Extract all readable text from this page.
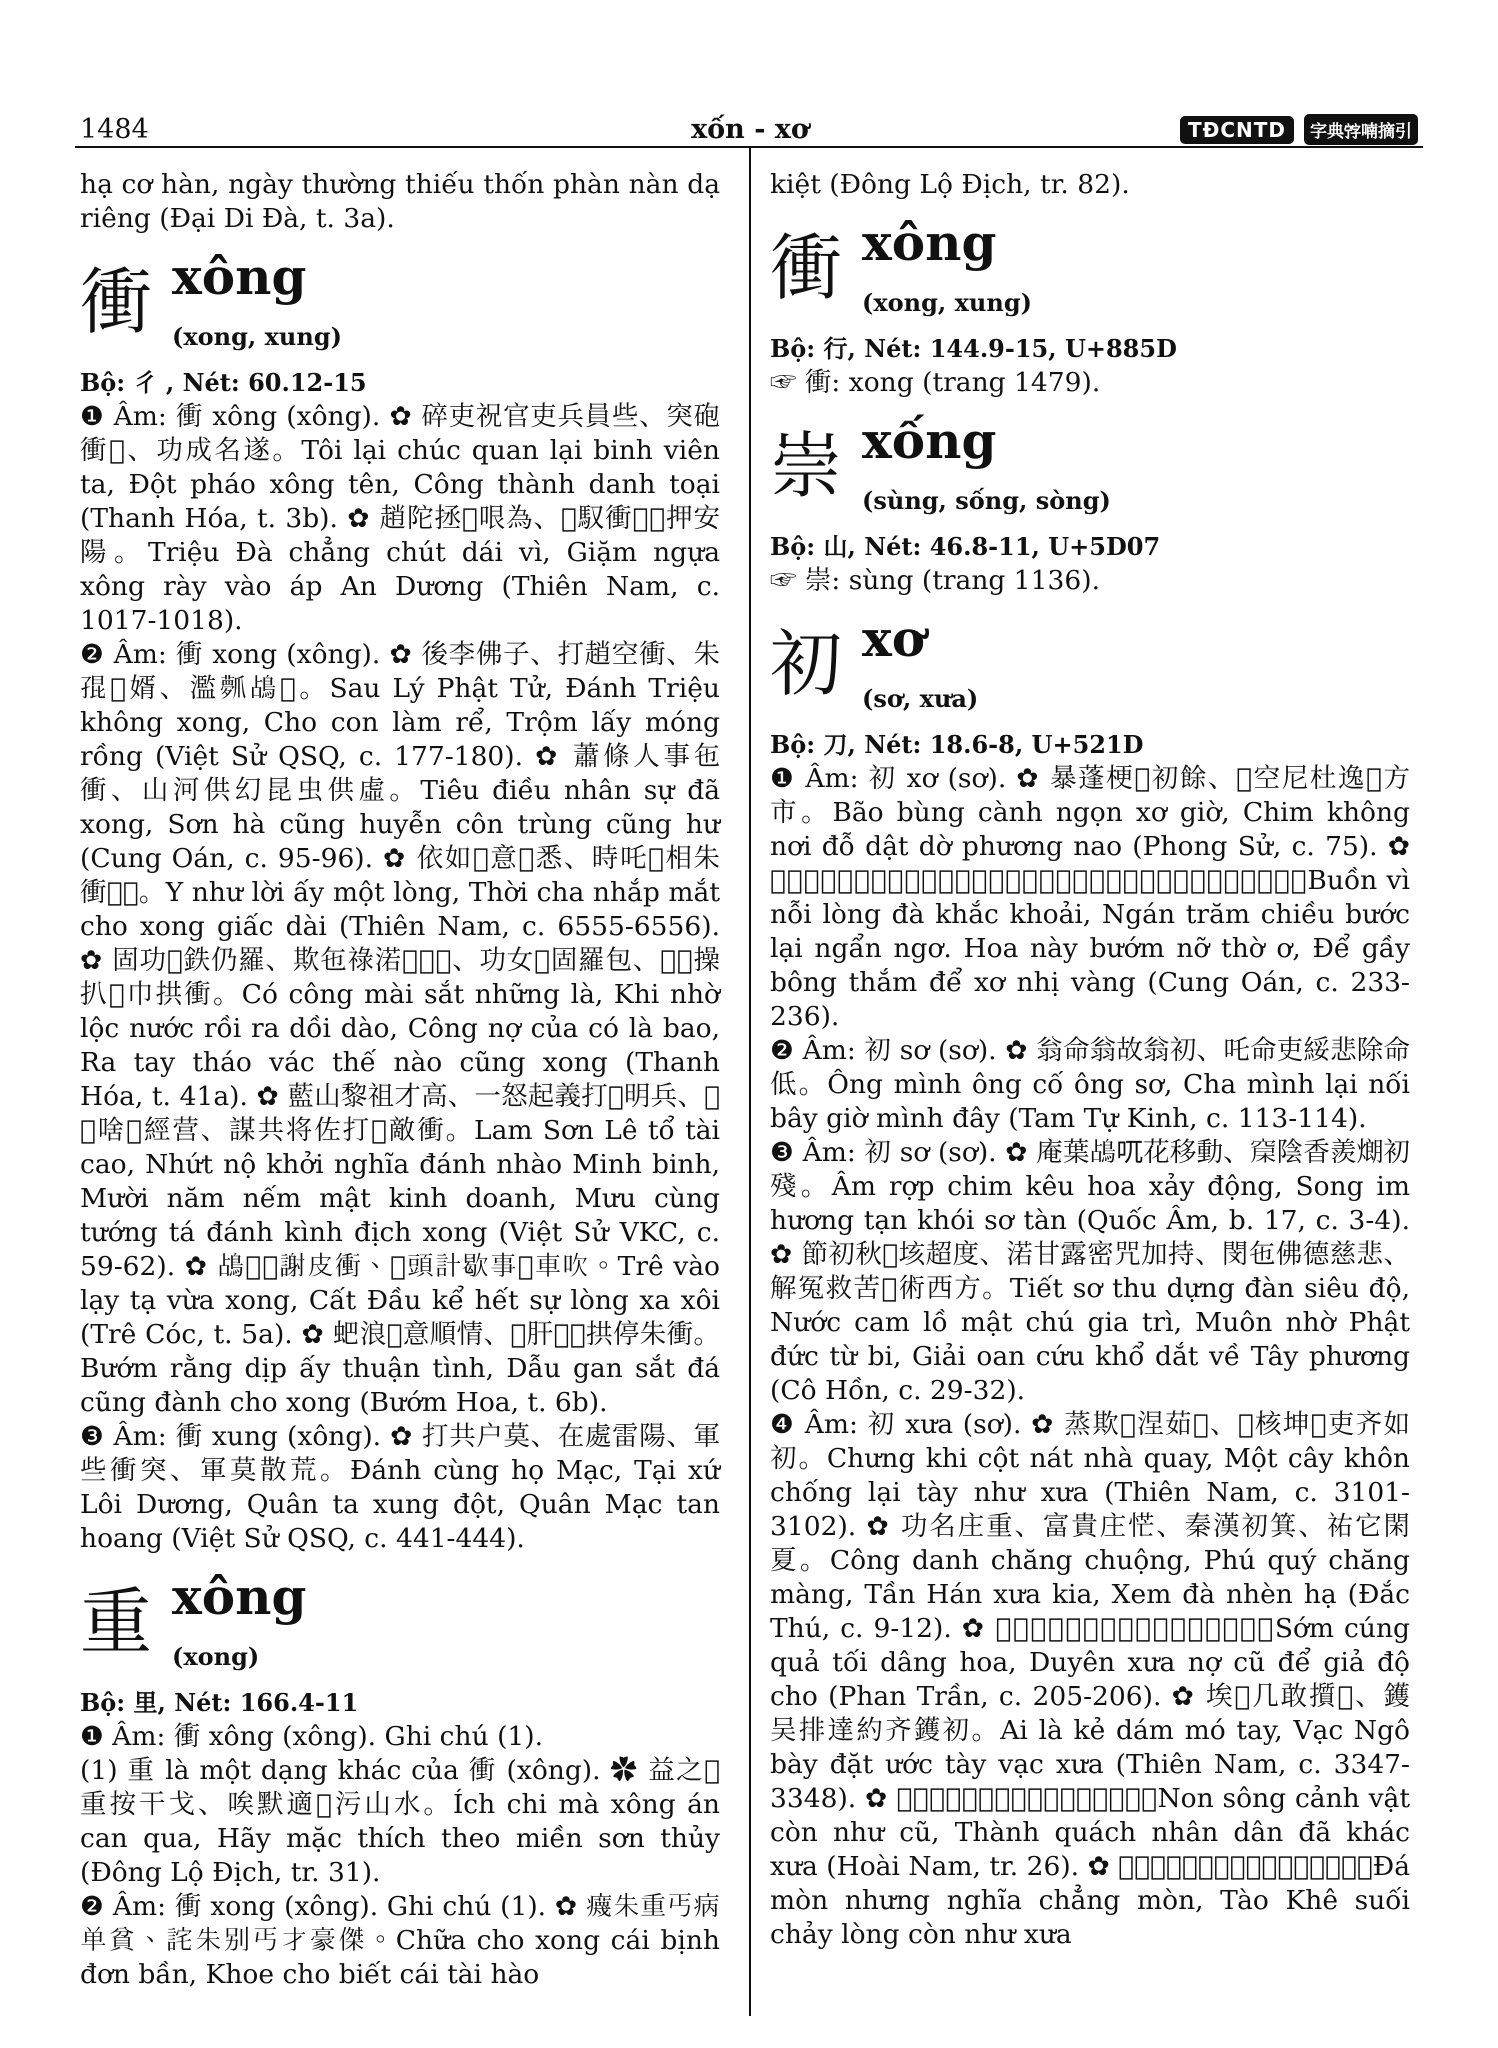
1484	xốn - xơ	TĐCNTD	字典𡨸喃摘引

hạ cơ hàn, ngày thường thiếu thốn phàn nàn dạ riêng (Đại Di Đà, t. 3a).

衝 xông
(xong, xung)

Bộ: 彳 , Nét: 60.12-15

❶ Âm: 衝 xông (xông). ✿ 碎吏祝官吏兵員些、突砲衝𥪞、功成名遂。Tôi lại chúc quan lại binh viên ta, Đột pháo xông tên, Công thành danh toại (Thanh Hóa, t. 3b). ✿ 趙陀拯𢜠哏為、𨄹馭衝𠖤𩛂押安陽。Triệu Đà chẳng chút dái vì, Giặm ngựa xông rày vào áp An Dương (Thiên Nam, c. 1017-1018).

❷ Âm: 衝 xong (xông). ✿ 後李佛子、打趙空衝、朱𡥵𡖼婿、濫𤔻𪀄𪂳。Sau Lý Phật Tử, Đánh Triệu không xong, Cho con làm rể, Trộm lấy móng rồng (Việt Sử QSQ, c. 177-180). ✿ 蕭條人事㐌衝、山河供幻昆虫供虛。Tiêu điều nhân sự đã xong, Sơn hà cũng huyễn côn trùng cũng hư (Cung Oán, c. 95-96). ✿ 依如𠳒意𠬠悉、時吒𠶋相朱衝𥄮𢖵。Y như lời ấy một lòng, Thời cha nhắp mắt cho xong giấc dài (Thiên Nam, c. 6555-6556). ✿ 固功𥕄鉄仍羅、欺㐌祿渃𡓇𤁘𣳔、功女𧵑固羅包、𠎣𢭲操扒𢬣巾拱衝。Có công mài sắt những là, Khi nhờ lộc nước rồi ra dồi dào, Công nợ của có là bao, Ra tay tháo vác thế nào cũng xong (Thanh Hóa, t. 41a). ✿ 藍山黎祖才高、一怒起義打𩈘明兵、𠽖𢆥啥𦢳經营、謀共将佐打𠞹敵衝。Lam Sơn Lê tổ tài cao, Nhứt nộ khởi nghĩa đánh nhào Minh binh, Mười năm nếm mật kinh doanh, Mưu cùng tướng tá đánh kình địch xong (Việt Sử VKC, c. 59-62). ✿ 𪀄𠊚𢪀謝皮衝、𢭲頭計歇事𢚸車吹。Trê vào lạy tạ vừa xong, Cất Đầu kể hết sự lòng xa xôi (Trê Cóc, t. 5a). ✿ 蚆浪𡀳意順情、𥘶肝𠍦𥒥拱停朱衝。Bướm rằng dịp ấy thuận tình, Dẫu gan sắt đá cũng đành cho xong (Bướm Hoa, t. 6b).

❸ Âm: 衝 xung (xông). ✿ 打共户莫、在處雷陽、軍些衝突、軍莫散荒。Đánh cùng họ Mạc, Tại xứ Lôi Dương, Quân ta xung đột, Quân Mạc tan hoang (Việt Sử QSQ, c. 441-444).

重 xông
(xong)

Bộ: 里, Nét: 166.4-11

❶ Âm: 衝 xông (xông). Ghi chú (1).

(1) 重 là một dạng khác của 衝 (xông). ✿ 益之𦋦重按干戈、唉默適𨅸污山水。Ích chi mà xông án can qua, Hãy mặc thích theo miền sơn thủy (Đông Lộ Địch, tr. 31).

❷ Âm: 衝 xong (xông). Ghi chú (1). ✿ 𤻻朱重丐病单貧、詫朱别丐才豪傑。Chữa cho xong cái bịnh đơn bần, Khoe cho biết cái tài hào

kiệt (Đông Lộ Địch, tr. 82).

衝 xông
(xong, xung)

Bộ: 行, Nét: 144.9-15, U+885D

☞ 衝: xong (trang 1479).

崇 xống
(sùng, sống, sòng)

Bộ: 山, Nét: 46.8-11, U+5D07

☞ 崇: sùng (trang 1136).

初 xơ
(sơ, xưa)

Bộ: 刀, Nét: 18.6-8, U+521D

❶ Âm: 初 xơ (sơ). ✿ 暴蓬梗𦹵初餘、𪀄空尼杜逸𣹓方市。Bão bùng cành ngọn xơ giờ, Chim không nơi đỗ dật dờ phương nao (Phong Sử, c. 75). ✿ 𢜠為𣵰𢚸它克快、𠳨𡗶朝跐吏謹魚。花尼蚆怒𦻩於、底𤵺𦬑𣘊底初𥪝鐄。Buồn vì nỗi lòng đà khắc khoải, Ngán trăm chiều bước lại ngẩn ngơ. Hoa này bướm nỡ thờ ơ, Để gầy bông thắm để xơ nhị vàng (Cung Oán, c. 233-236).

❷ Âm: 初 sơ (sơ). ✿ 翁命翁故翁初、吒命吏綏悲除命低。Ông mình ông cố ông sơ, Cha mình lại nối bây giờ mình đây (Tam Tự Kinh, c. 113-114).

❸ Âm: 初 sơ (sơ). ✿ 庵葉𪀄𠮾花移動、𥦃陰香羨𤎜初殘。Âm rợp chim kêu hoa xảy động, Song im hương tạn khói sơ tàn (Quốc Âm, b. 17, c. 3-4). ✿ 節初秋𨔍垓超度、渃甘露密咒加持、閔㐌佛德慈悲、解冤救苦𢪀術西方。Tiết sơ thu dựng đàn siêu độ, Nước cam lồ mật chú gia trì, Muôn nhờ Phật đức từ bi, Giải oan cứu khổ dắt về Tây phương (Cô Hồn, c. 29-32).

❹ Âm: 初 xưa (sơ). ✿ 蒸欺𣞪涅茹𢭝、𠄩核坤𢭲吏齐如初。Chưng khi cột nát nhà quay, Một cây khôn chống lại tày như xưa (Thiên Nam, c. 3101-3102). ✿ 功名庄重、富貴庄恾、秦漢初箕、祐它閑夏。Công danh chăng chuộng, Phú quý chăng màng, Tần Hán xưa kia, Xem đà nhèn hạ (Đắc Thú, c. 9-12). ✿ 𣋽供果最𤎜花、緣初嬪𡗶底𧈺度朱。Sớm cúng quả tối dâng hoa, Duyên xưa nợ cũ để giả độ cho (Phan Trần, c. 205-206). ✿ 埃𤿰几敢㩫𢭲、鑊吴排達約齐鑊初。Ai là kẻ dám mó tay, Vạc Ngô bày đặt ước tày vạc xưa (Thiên Nam, c. 3347-3348). ✿ 𡽫滝景物𡗶如𦝄、城郭人民㐌恪初。Non sông cảnh vật còn như cũ, Thành quách nhân dân đã khác xưa (Hoài Nam, tr. 26). ✿ 𥒥𤻻仍羡拯𤻻、曹溪派𣳔𢚸群如初。Đá mòn nhưng nghĩa chẳng mòn, Tào Khê suối chảy lòng còn như xưa
